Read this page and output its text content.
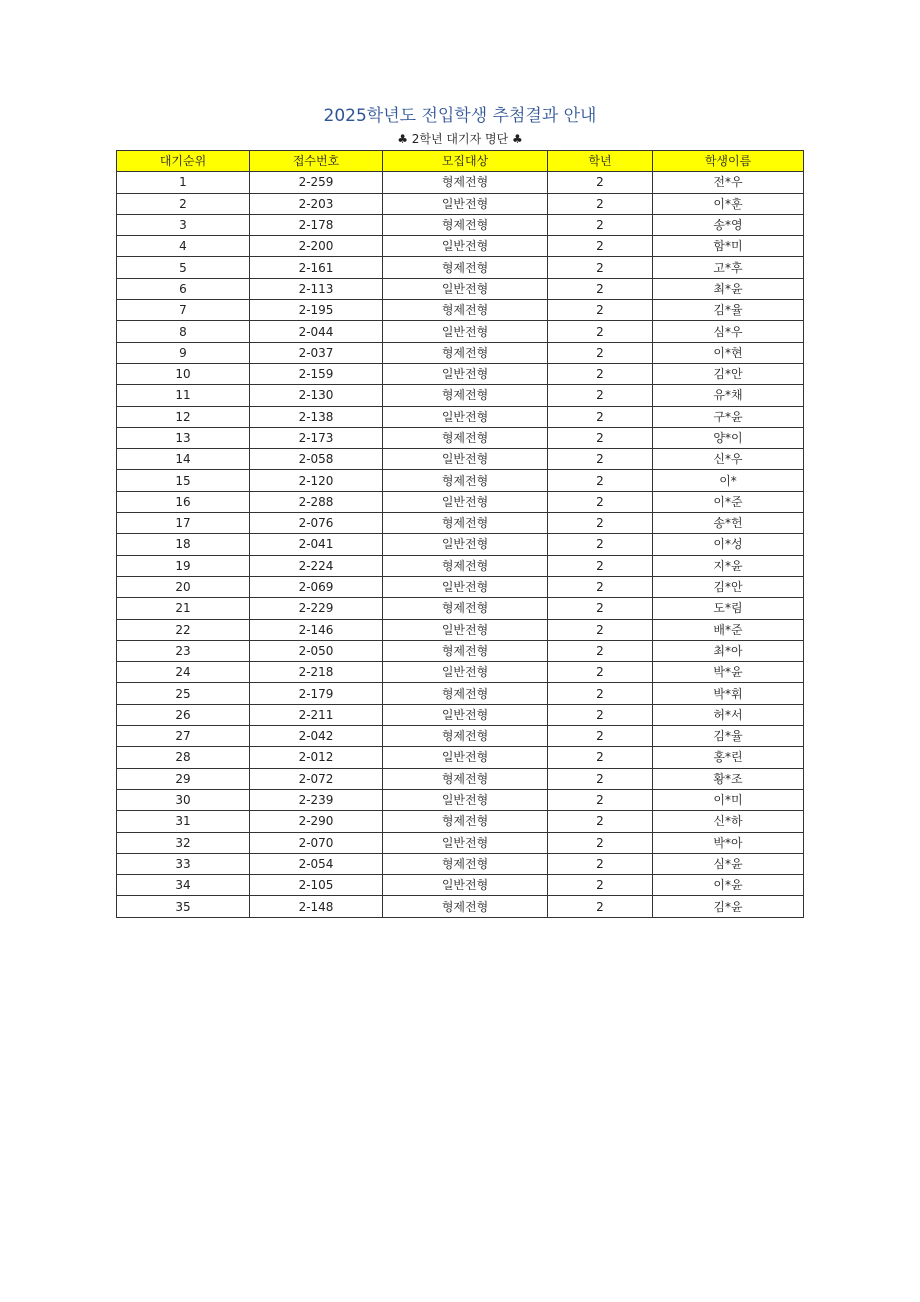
2025학년도 전입학생 추첨결과 안내
♣ 2학년 대기자 명단 ♣
대기순위	접수번호	모집대상	학년	학생이름
1	2-259	형제전형	2	전*우
2	2-203	일반전형	2	이*훈
3	2-178	형제전형	2	송*영
4	2-200	일반전형	2	함*미
5	2-161	형제전형	2	고*후
6	2-113	일반전형	2	최*윤
7	2-195	형제전형	2	김*율
8	2-044	일반전형	2	심*우
9	2-037	형제전형	2	이*현
10	2-159	일반전형	2	김*안
11	2-130	형제전형	2	유*채
12	2-138	일반전형	2	구*윤
13	2-173	형제전형	2	양*이
14	2-058	일반전형	2	신*우
15	2-120	형제전형	2	이*
16	2-288	일반전형	2	이*준
17	2-076	형제전형	2	송*헌
18	2-041	일반전형	2	이*성
19	2-224	형제전형	2	지*윤
20	2-069	일반전형	2	김*안
21	2-229	형제전형	2	도*림
22	2-146	일반전형	2	배*준
23	2-050	형제전형	2	최*아
24	2-218	일반전형	2	박*윤
25	2-179	형제전형	2	박*휘
26	2-211	일반전형	2	허*서
27	2-042	형제전형	2	김*율
28	2-012	일반전형	2	홍*린
29	2-072	형제전형	2	황*조
30	2-239	일반전형	2	이*미
31	2-290	형제전형	2	신*하
32	2-070	일반전형	2	박*아
33	2-054	형제전형	2	심*윤
34	2-105	일반전형	2	이*윤
35	2-148	형제전형	2	김*윤
